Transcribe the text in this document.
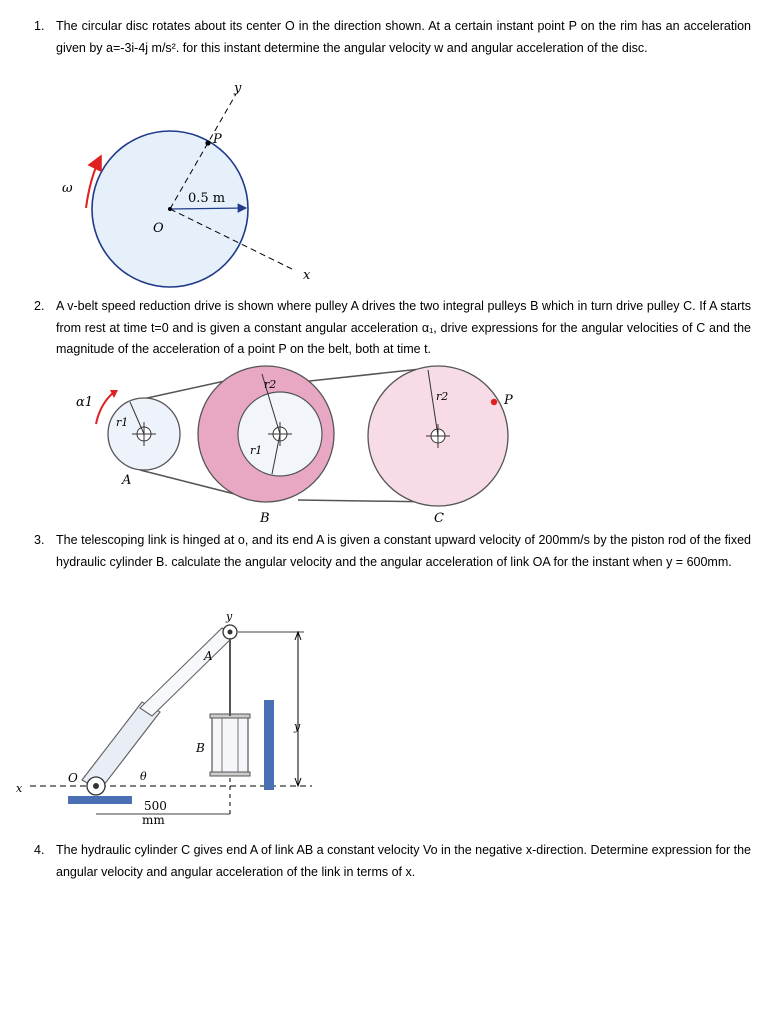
1. The circular disc rotates about its center O in the direction shown. At a certain instant point P on the rim has an acceleration given by a=-3i-4j m/s². for this instant determine the angular velocity w and angular acceleration of the disc.
y
P
0.5 m
O
ω
x
2. A v-belt speed reduction drive is shown where pulley A drives the two integral pulleys B which in turn drive pulley C. If A starts from rest at time t=0 and is given a constant angular acceleration α₁, drive expressions for the angular velocities of C and the magnitude of the acceleration of a point P on the belt, both at time t.
α1
r1
A
r2
r1
B
r2
C
P
3. The telescoping link is hinged at o, and its end A is given a constant upward velocity of 200mm/s by the piston rod of the fixed hydraulic cylinder B. calculate the angular velocity and the angular acceleration of link OA for the instant when y = 600mm.
y
A
B
y
x
O	θ
500
mm
4. The hydraulic cylinder C gives end A of link AB a constant velocity Vo in the negative x-direction. Determine expression for the angular velocity and angular acceleration of the link in terms of x.
